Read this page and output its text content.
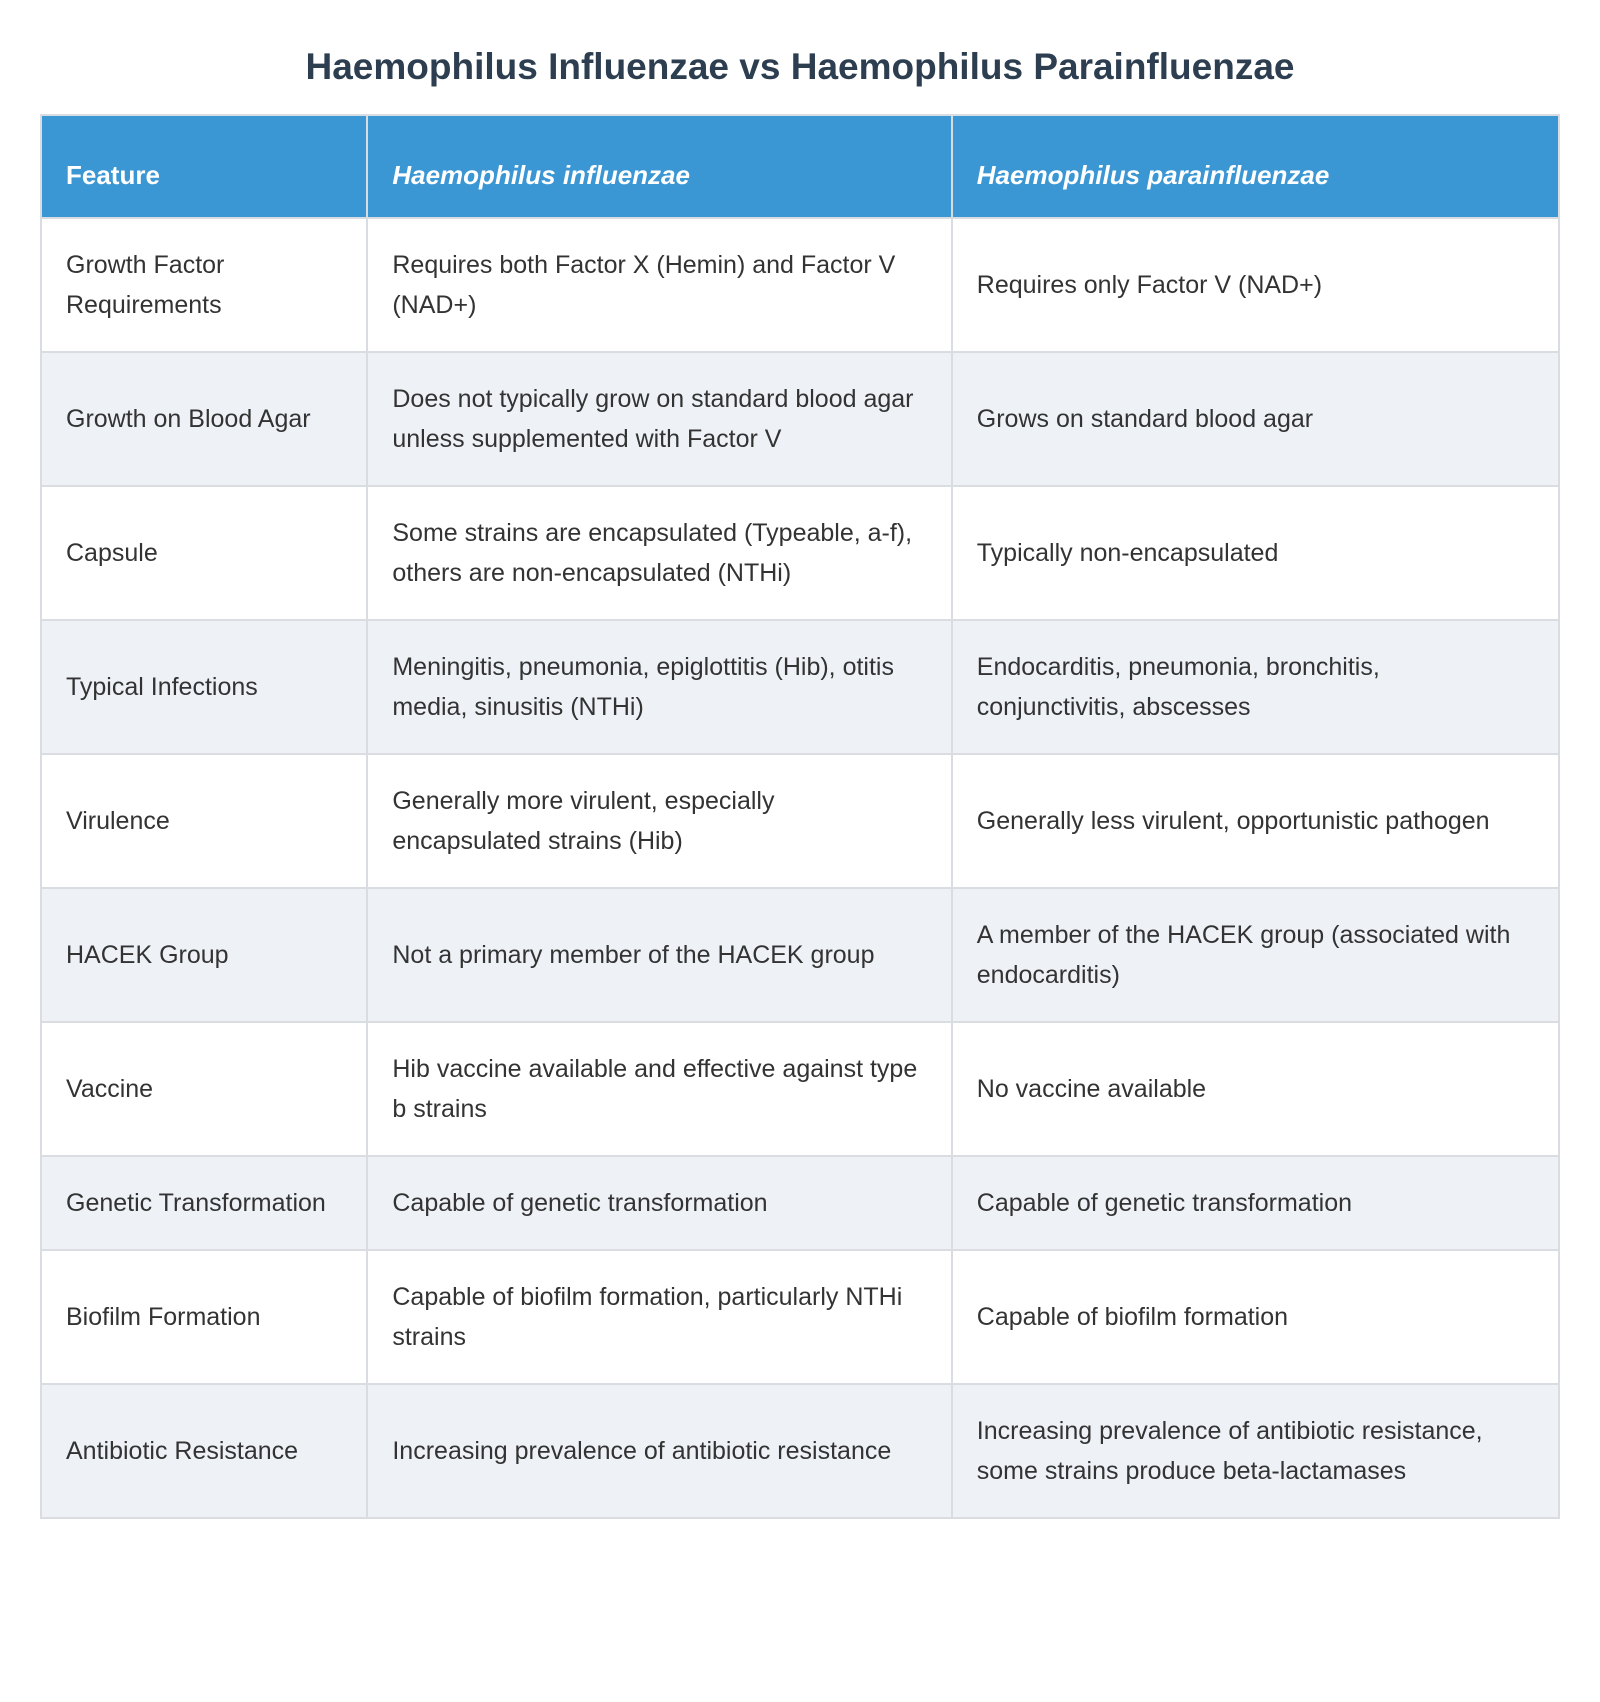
Haemophilus Influenzae vs Haemophilus Parainfluenzae
Feature	Haemophilus influenzae	Haemophilus parainfluenzae
Growth Factor Requirements	Requires both Factor X (Hemin) and Factor V (NAD+)	Requires only Factor V (NAD+)
Growth on Blood Agar	Does not typically grow on standard blood agar unless supplemented with Factor V	Grows on standard blood agar
Capsule	Some strains are encapsulated (Typeable, a-f), others are non-encapsulated (NTHi)	Typically non-encapsulated
Typical Infections	Meningitis, pneumonia, epiglottitis (Hib), otitis media, sinusitis (NTHi)	Endocarditis, pneumonia, bronchitis, conjunctivitis, abscesses
Virulence	Generally more virulent, especially encapsulated strains (Hib)	Generally less virulent, opportunistic pathogen
HACEK Group	Not a primary member of the HACEK group	A member of the HACEK group (associated with endocarditis)
Vaccine	Hib vaccine available and effective against type b strains	No vaccine available
Genetic Transformation	Capable of genetic transformation	Capable of genetic transformation
Biofilm Formation	Capable of biofilm formation, particularly NTHi strains	Capable of biofilm formation
Antibiotic Resistance	Increasing prevalence of antibiotic resistance	Increasing prevalence of antibiotic resistance, some strains produce beta-lactamases
